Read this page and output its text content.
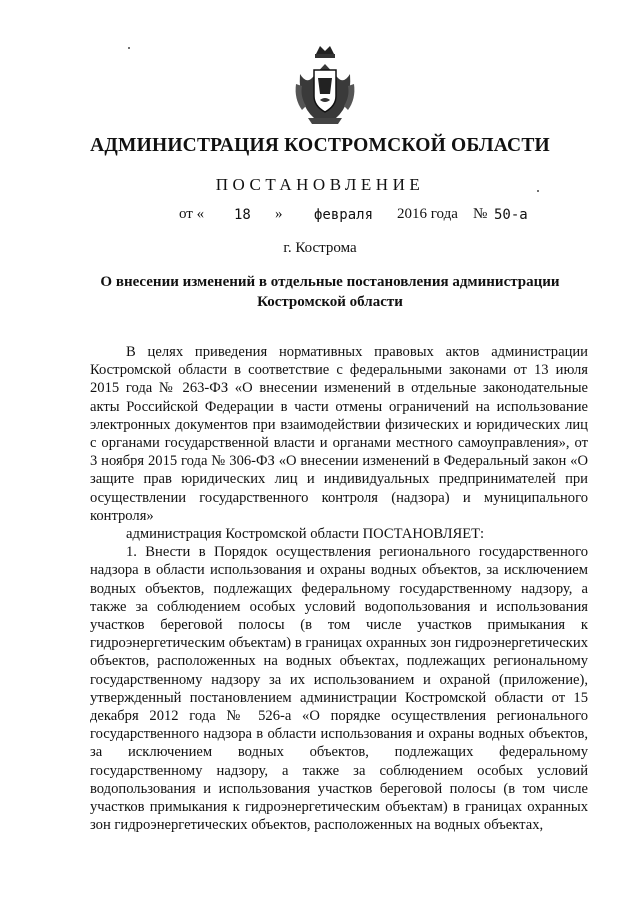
АДМИНИСТРАЦИЯ КОСТРОМСКОЙ ОБЛАСТИ
ПОСТАНОВЛЕНИЕ
от « 18 » февраля 2016 года № 50-а
г. Кострома
О внесении изменений в отдельные постановления администрации
Костромской области

В целях приведения нормативных правовых актов администрации Костромской области в соответствие с федеральными законами от 13 июля 2015 года № 263-ФЗ «О внесении изменений в отдельные законодательные акты Российской Федерации в части отмены ограничений на использование электронных документов при взаимодействии физических и юридических лиц с органами государственной власти и органами местного самоуправления», от 3 ноября 2015 года № 306-ФЗ «О внесении изменений в Федеральный закон «О защите прав юридических лиц и индивидуальных предпринимателей при осуществлении государственного контроля (надзора) и муниципального контроля»

администрация Костромской области ПОСТАНОВЛЯЕТ:

1. Внести в Порядок осуществления регионального государственного надзора в области использования и охраны водных объектов, за исключением водных объектов, подлежащих федеральному государственному надзору, а также за соблюдением особых условий водопользования и использования участков береговой полосы (в том числе участков примыкания к гидроэнергетическим объектам) в границах охранных зон гидроэнергетических объектов, расположенных на водных объектах, подлежащих региональному государственному надзору за их использованием и охраной (приложение), утвержденный постановлением администрации Костромской области от 15 декабря 2012 года № 526-а «О порядке осуществления регионального государственного надзора в области использования и охраны водных объектов, за исключением водных объектов, подлежащих федеральному государственному надзору, а также за соблюдением особых условий водопользования и использования участков береговой полосы (в том числе участков примыкания к гидроэнергетическим объектам) в границах охранных зон гидроэнергетических объектов, расположенных на водных объектах,
